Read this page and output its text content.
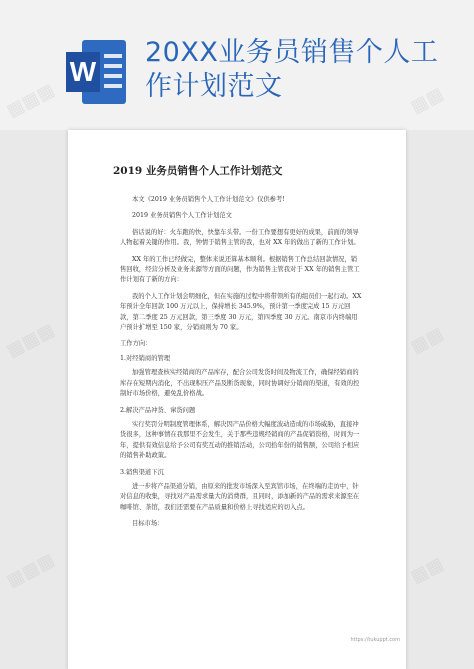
W
20XX业务员销售个人工作计划范文
2019 业务员销售个人工作计划范文

本文《2019 业务员销售个人工作计划范文》仅供参考!

2019 业务员销售个人工作计划范文

俗话说的好：火车跑的快，快靠车头带。一份工作要想有更好的成果，前面的领导人物起着关键的作用。我，钟情于销售主管的我，也对 XX 年的做出了新的工作计划。

XX 年的工作已经做完，整体来说还算基本顺利。根据销售工作总结回款情况，销售回收，经营分析及业务来源等方面的问题，作为销售主管我对于 XX 年的销售主管工作计划有了新的方向：

我的个人工作计划会明细化，但在实施的过程中将带领所有的组员们一起行动。XX 年预计全年回款 100 万元以上，保持增长 345.9%，预计第一季度完成 15 万元回款，第二季度 25 万元回款，第三季度 30 万元，第四季度 30 万元。南京市内终端用户预计扩增至 150 家，分销商则为 70 家。

工作方向：

1.对经销商的管理

加强管理查核实经销商的产品库存，配合公司发货时间及物流工作，确保经销商的库存在短期内消化，不出现积压产品及断货现象，同时协调好分销商的渠道，有效的控制好市场价格，避免乱价格战。

2.解决产品冲货、窜货问题

实行奖罚分明制度管理体系，解决因产品价格大幅度波动造成的市场威胁，直接冲货很多，这种事情在我那里不会发生，关于那些违规经销商的产品促销资格，时间为一年，提供有效信息给予公司有奖互动的推销活动，公司拾年份的销售额，公司给予相应的销售补助政策。

3.销售渠道下沉

进一步将产品渠道分销，由原来的批发市场深入至宾馆市场，在终端的走访中，针对信息的收集，寻找对产品需求量大的消费群，且同时，添加新的产品的需求来源至在咖啡馆、茶馆，我们还需要在产品质量和价格上寻找适应的切入点。

目标市场：

https://tukuppt.com
▦▦▦	▦▦
▦▦▦	▦▦
